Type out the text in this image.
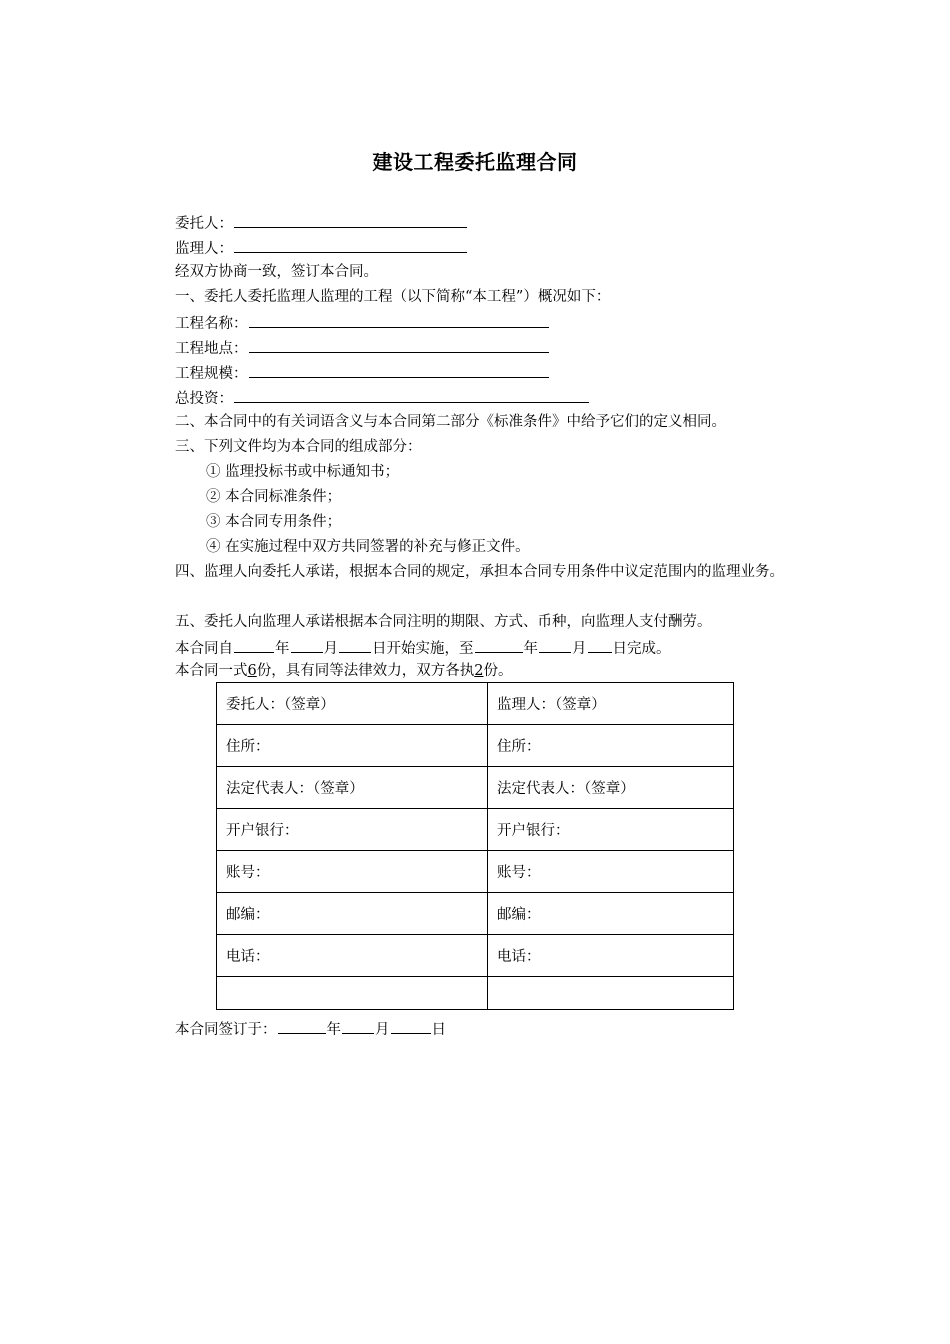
建设工程委托监理合同
委托人：
监理人：
经双方协商一致，签订本合同。
一、委托人委托监理人监理的工程（以下简称“本工程”）概况如下：
工程名称：
工程地点：
工程规模：
总投资：
二、本合同中的有关词语含义与本合同第二部分《标准条件》中给予它们的定义相同。
三、下列文件均为本合同的组成部分：
① 监理投标书或中标通知书；
② 本合同标准条件；
③ 本合同专用条件；
④ 在实施过程中双方共同签署的补充与修正文件。
四、监理人向委托人承诺，根据本合同的规定，承担本合同专用条件中议定范围内的监理业务。
五、委托人向监理人承诺根据本合同注明的期限、方式、币种，向监理人支付酬劳。
本合同自	年 月 日开始实施，至	年 月 日完成。
本合同一式6份，具有同等法律效力，双方各执2份。
委托人：（签章）	监理人：（签章）
住所：	住所：
法定代表人：（签章）	法定代表人：（签章）
开户银行：	开户银行：
账号：	账号：
邮编：	邮编：
电话：	电话：

本合同签订于：	年 月	日
